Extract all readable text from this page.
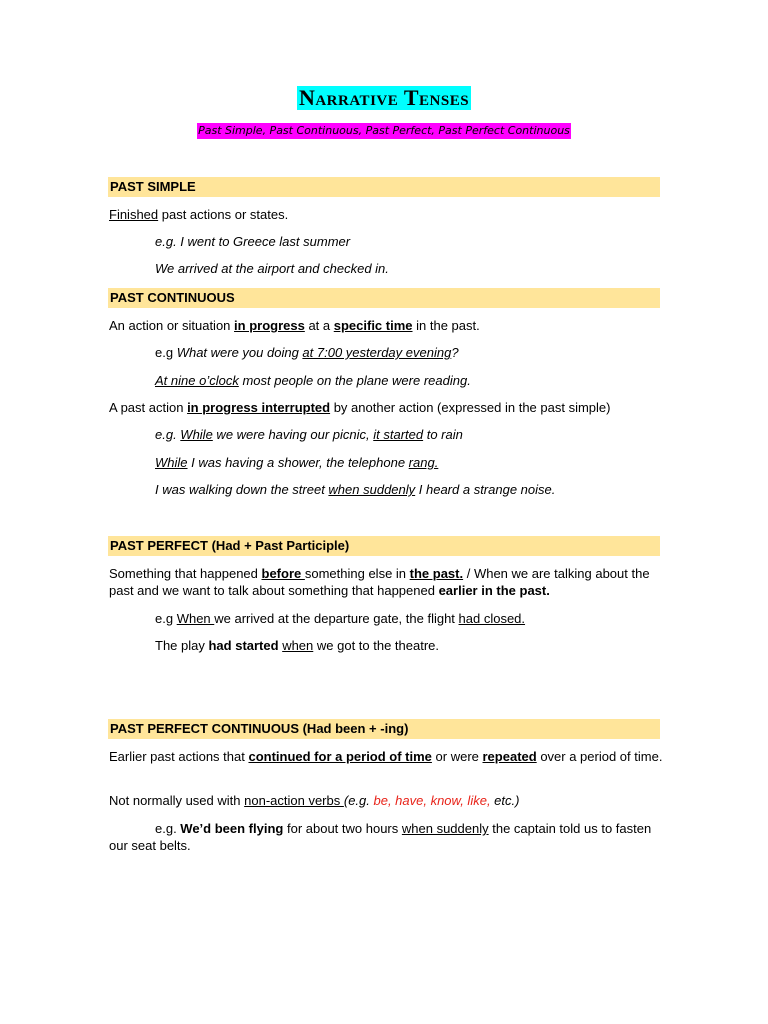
Narrative Tenses
Past Simple, Past Continuous, Past Perfect, Past Perfect Continuous
PAST SIMPLE
Finished past actions or states.
e.g. I went to Greece last summer
We arrived at the airport and checked in.
PAST CONTINUOUS
An action or situation in progress at a specific time in the past.
e.g What were you doing at 7:00 yesterday evening?
At nine o’clock most people on the plane were reading.
A past action in progress interrupted by another action (expressed in the past simple)
e.g. While we were having our picnic, it started to rain
While I was having a shower, the telephone rang.
I was walking down the street when suddenly I heard a strange noise.
PAST PERFECT (Had + Past Participle)
Something that happened before something else in the past. / When we are talking about the past and we want to talk about something that happened earlier in the past.
e.g When we arrived at the departure gate, the flight had closed.
The play had started when we got to the theatre.
PAST PERFECT CONTINUOUS (Had been + -ing)
Earlier past actions that continued for a period of time or were repeated over a period of time.
Not normally used with non-action verbs (e.g. be, have, know, like, etc.)
e.g. We’d been flying for about two hours when suddenly the captain told us to fasten our seat belts.
